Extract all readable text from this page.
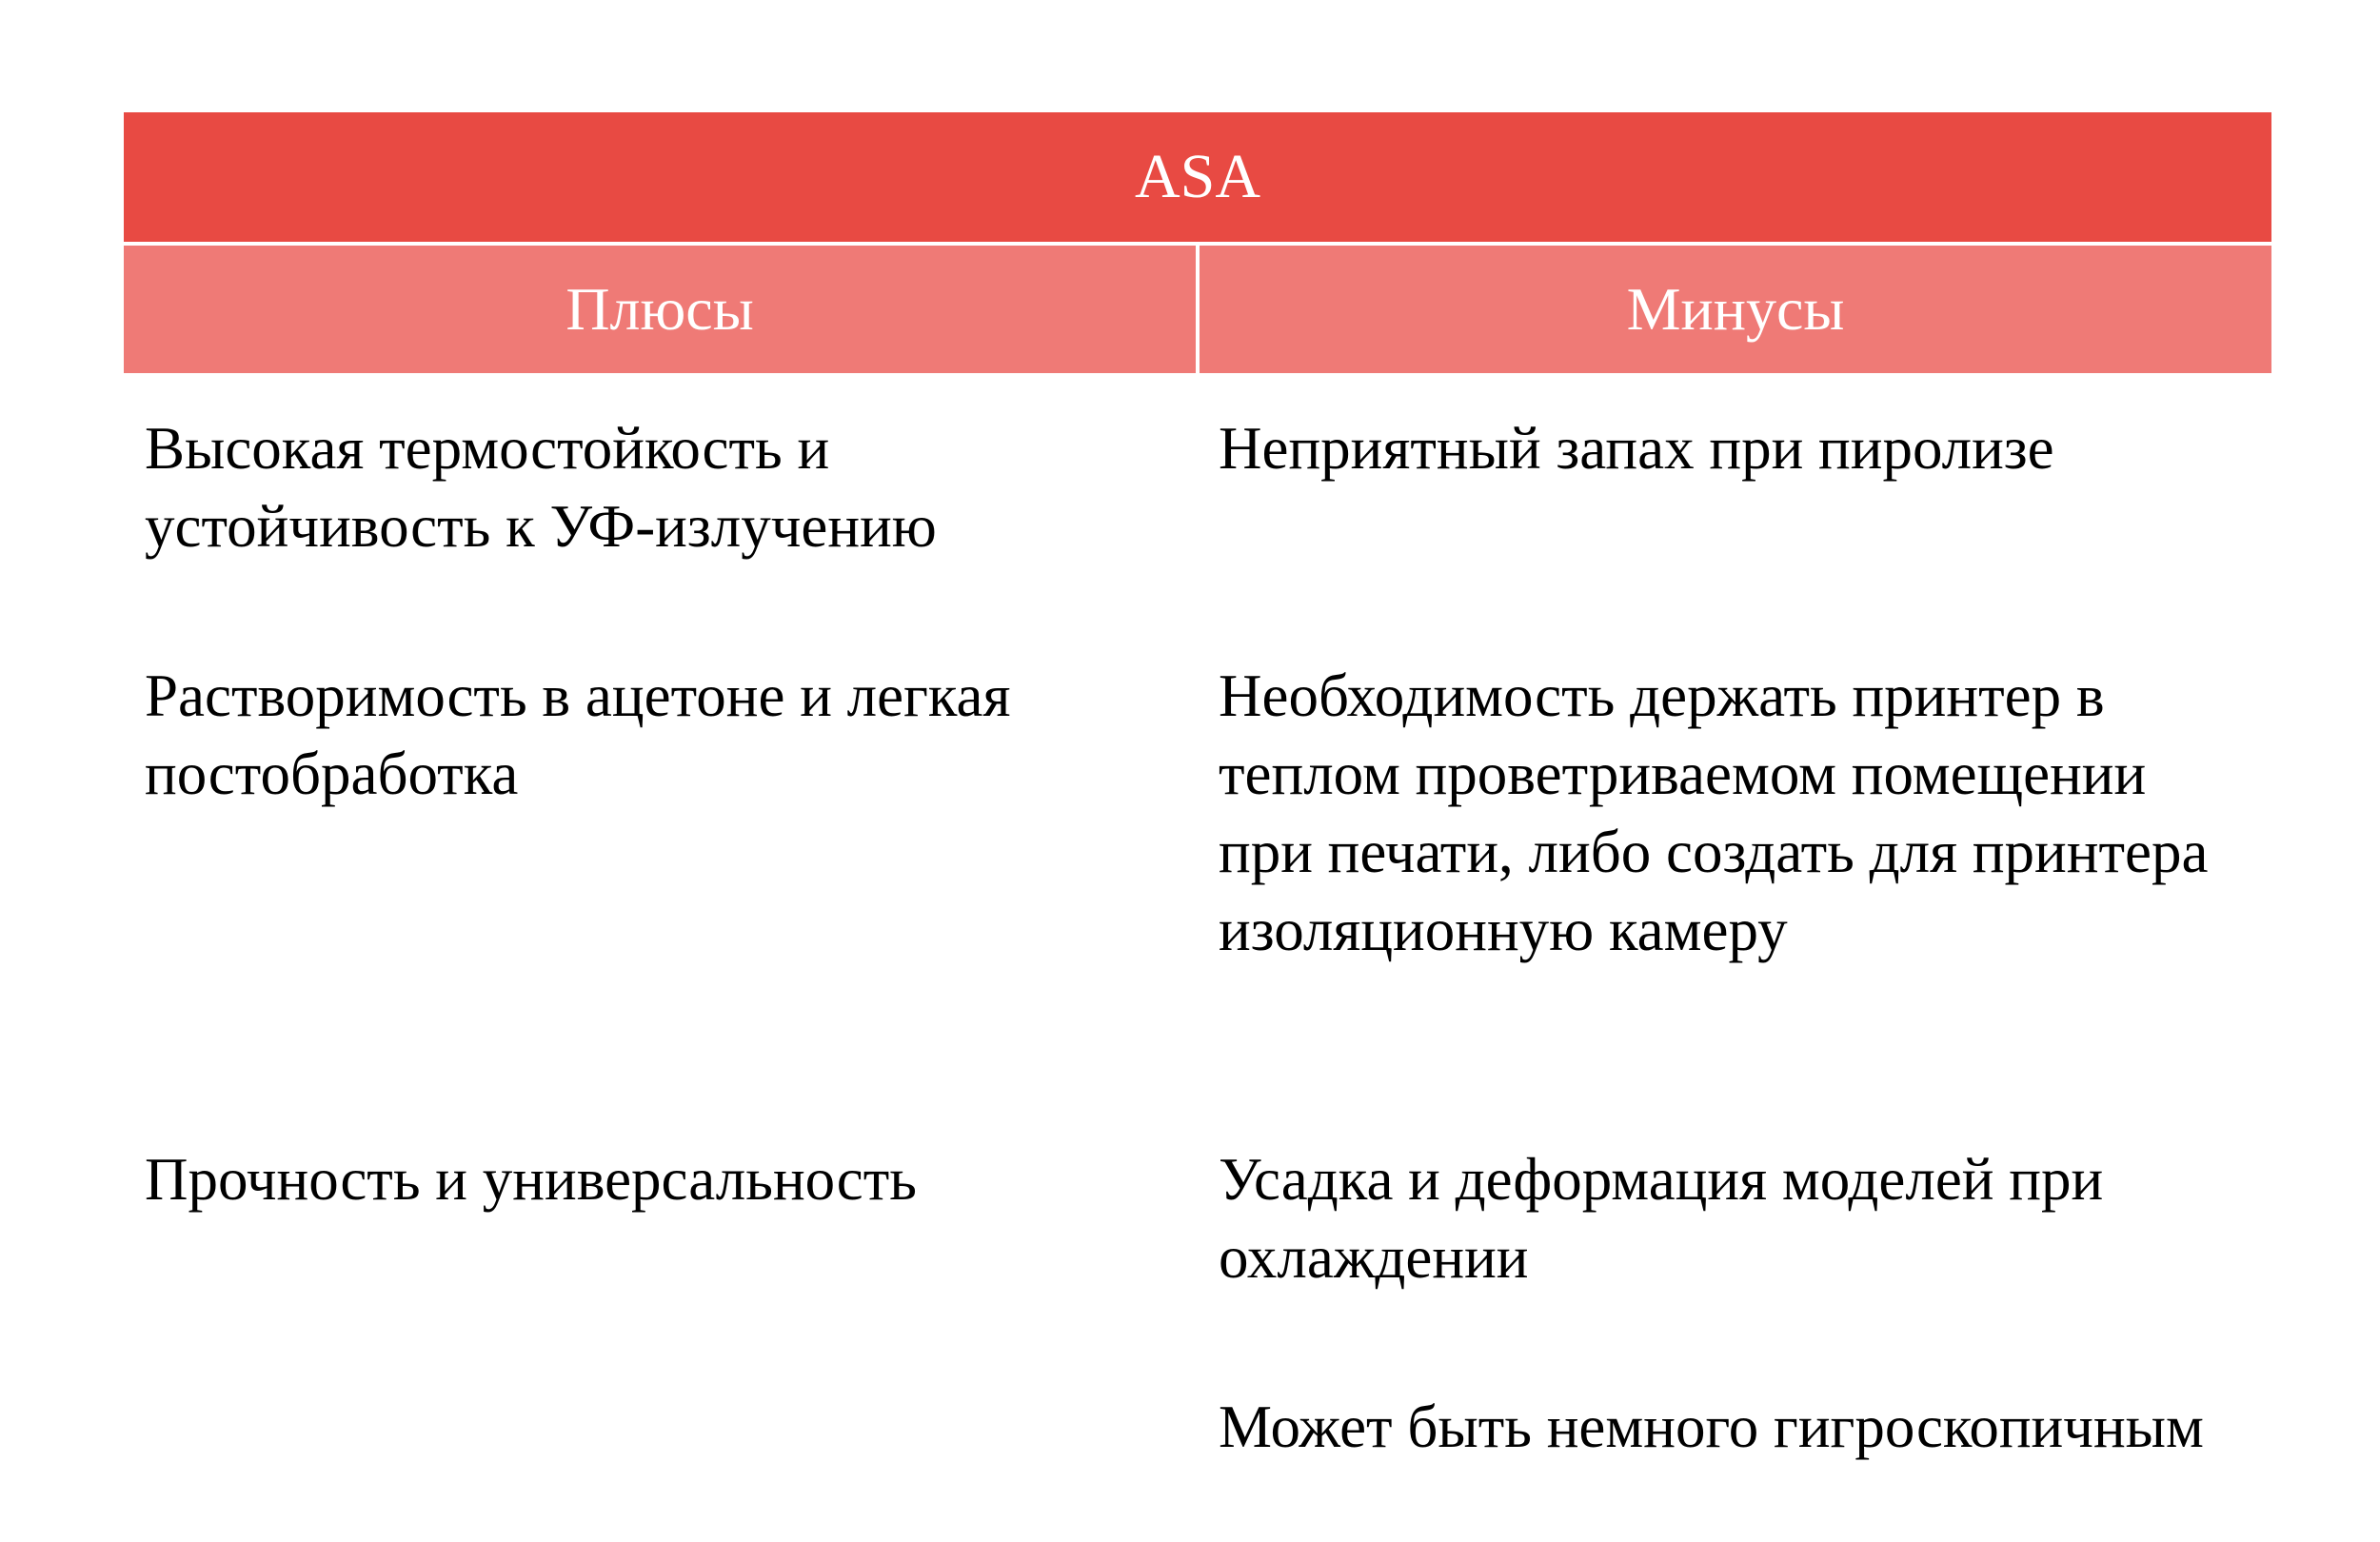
ASA
Плюсы	Минусы
Высокая термостойкость и устойчивость к УФ-излучению
Неприятный запах при пиролизе
Растворимость в ацетоне и легкая постобработка
Необходимость держать принтер в теплом проветриваемом помещении при печати, либо создать для принтера изоляционную камеру
Прочность и универсальность	Усадка и деформация моделей при охлаждении
Может быть немного гигроскопичным
